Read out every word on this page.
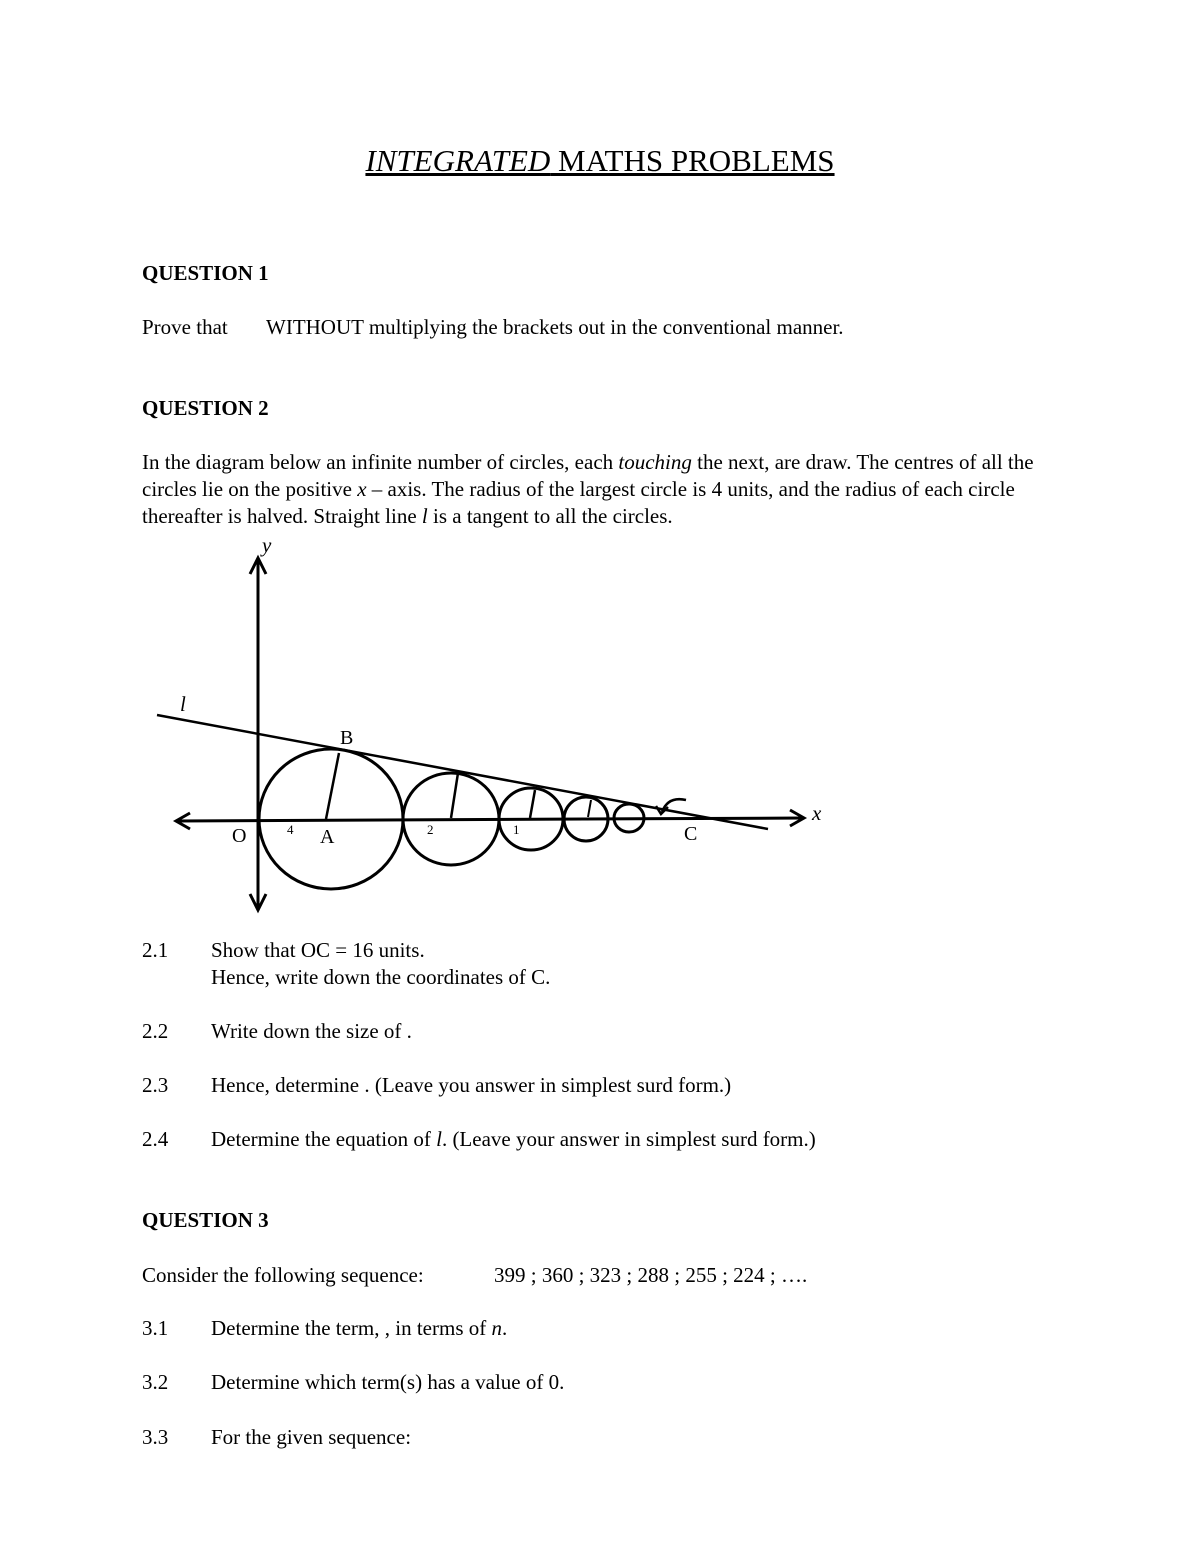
INTEGRATED MATHS PROBLEMS
QUESTION 1
Prove that WITHOUT multiplying the brackets out in the conventional manner.
QUESTION 2
In the diagram below an infinite number of circles, each touching the next, are draw. The centres of all the circles lie on the positive x – axis. The radius of the largest circle is 4 units, and the radius of each circle thereafter is halved. Straight line l is a tangent to all the circles.
y
x
l
B
O	A	C
4	2	1
2.1 Show that OC = 16 units.
Hence, write down the coordinates of C.
2.2 Write down the size of .
2.3 Hence, determine . (Leave you answer in simplest surd form.)
2.4 Determine the equation of l. (Leave your answer in simplest surd form.)
QUESTION 3
Consider the following sequence:	399 ; 360 ; 323 ; 288 ; 255 ; 224 ; ….
3.1 Determine the term, , in terms of n.
3.2 Determine which term(s) has a value of 0.
3.3 For the given sequence:
